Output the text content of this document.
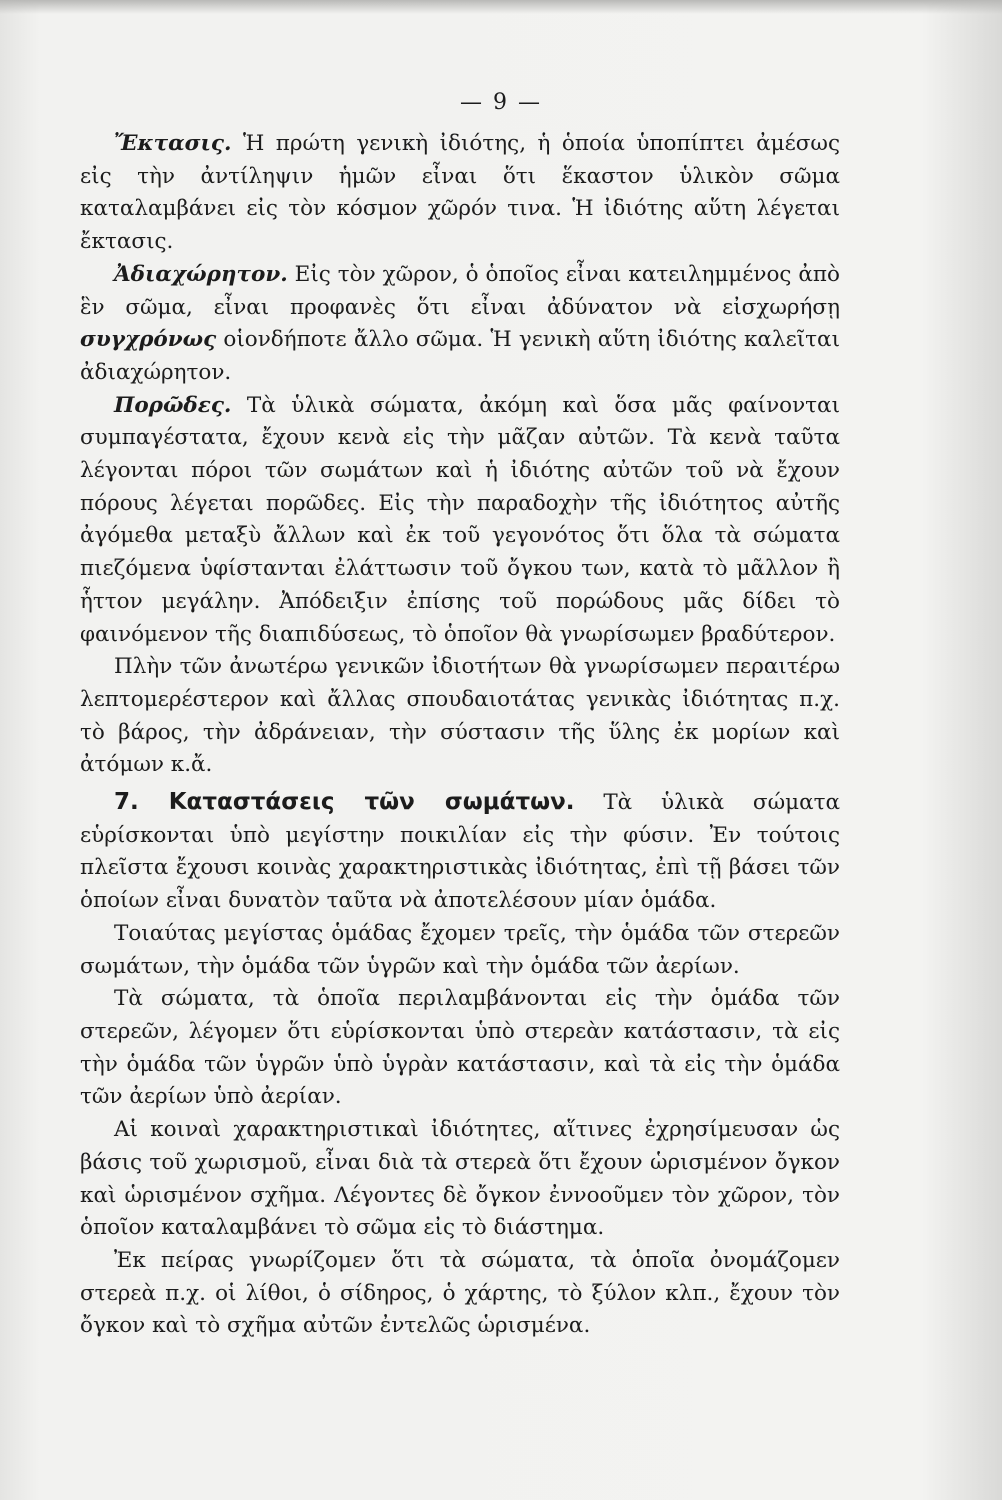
— 9 —

Ἔκτασις. Ἡ πρώτη γενικὴ ἰδιότης, ἡ ὁποία ὑποπίπτει ἀμέσως εἰς τὴν ἀντίληψιν ἡμῶν εἶναι ὅτι ἕκαστον ὑλικὸν σῶμα καταλαμβάνει εἰς τὸν κόσμον χῶρόν τινα. Ἡ ἰδιότης αὕτη λέγεται ἔκτασις.

Ἀδιαχώρητον. Εἰς τὸν χῶρον, ὁ ὁποῖος εἶναι κατειλημμένος ἀπὸ ἓν σῶμα, εἶναι προφανὲς ὅτι εἶναι ἀδύνατον νὰ εἰσχωρήσῃ συγχρόνως οἱονδήποτε ἄλλο σῶμα. Ἡ γενικὴ αὕτη ἰδιότης καλεῖται ἀδιαχώρητον.

Πορῶδες. Τὰ ὑλικὰ σώματα, ἀκόμη καὶ ὅσα μᾶς φαίνονται συμπαγέστατα, ἔχουν κενὰ εἰς τὴν μᾶζαν αὐτῶν. Τὰ κενὰ ταῦτα λέγονται πόροι τῶν σωμάτων καὶ ἡ ἰδιότης αὐτῶν τοῦ νὰ ἔχουν πόρους λέγεται πορῶδες. Εἰς τὴν παραδοχὴν τῆς ἰδιότητος αὐτῆς ἀγόμεθα μεταξὺ ἄλλων καὶ ἐκ τοῦ γεγονότος ὅτι ὅλα τὰ σώματα πιεζόμενα ὑφίστανται ἐλάττωσιν τοῦ ὄγκου των, κατὰ τὸ μᾶλλον ἢ ἧττον μεγάλην. Ἀπόδειξιν ἐπίσης τοῦ πορώδους μᾶς δίδει τὸ φαινόμενον τῆς διαπιδύσεως, τὸ ὁποῖον θὰ γνωρίσωμεν βραδύτερον.

Πλὴν τῶν ἀνωτέρω γενικῶν ἰδιοτήτων θὰ γνωρίσωμεν περαιτέρω λεπτομερέστερον καὶ ἄλλας σπουδαιοτάτας γενικὰς ἰδιότητας π.χ. τὸ βάρος, τὴν ἀδράνειαν, τὴν σύστασιν τῆς ὕλης ἐκ μορίων καὶ ἀτόμων κ.ἄ.

7. Καταστάσεις τῶν σωμάτων. Τὰ ὑλικὰ σώματα εὑρίσκονται ὑπὸ μεγίστην ποικιλίαν εἰς τὴν φύσιν. Ἐν τούτοις πλεῖστα ἔχουσι κοινὰς χαρακτηριστικὰς ἰδιότητας, ἐπὶ τῇ βάσει τῶν ὁποίων εἶναι δυνατὸν ταῦτα νὰ ἀποτελέσουν μίαν ὁμάδα.

Τοιαύτας μεγίστας ὁμάδας ἔχομεν τρεῖς, τὴν ὁμάδα τῶν στερεῶν σωμάτων, τὴν ὁμάδα τῶν ὑγρῶν καὶ τὴν ὁμάδα τῶν ἀερίων.

Τὰ σώματα, τὰ ὁποῖα περιλαμβάνονται εἰς τὴν ὁμάδα τῶν στερεῶν, λέγομεν ὅτι εὑρίσκονται ὑπὸ στερεὰν κατάστασιν, τὰ εἰς τὴν ὁμάδα τῶν ὑγρῶν ὑπὸ ὑγρὰν κατάστασιν, καὶ τὰ εἰς τὴν ὁμάδα τῶν ἀερίων ὑπὸ ἀερίαν.

Αἱ κοιναὶ χαρακτηριστικαὶ ἰδιότητες, αἵτινες ἐχρησίμευσαν ὡς βάσις τοῦ χωρισμοῦ, εἶναι διὰ τὰ στερεὰ ὅτι ἔχουν ὡρισμένον ὄγκον καὶ ὡρισμένον σχῆμα. Λέγοντες δὲ ὄγκον ἐννοοῦμεν τὸν χῶρον, τὸν ὁποῖον καταλαμβάνει τὸ σῶμα εἰς τὸ διάστημα.

Ἐκ πείρας γνωρίζομεν ὅτι τὰ σώματα, τὰ ὁποῖα ὀνομάζομεν στερεὰ π.χ. οἱ λίθοι, ὁ σίδηρος, ὁ χάρτης, τὸ ξύλον κλπ., ἔχουν τὸν ὄγκον καὶ τὸ σχῆμα αὐτῶν ἐντελῶς ὡρισμένα.
